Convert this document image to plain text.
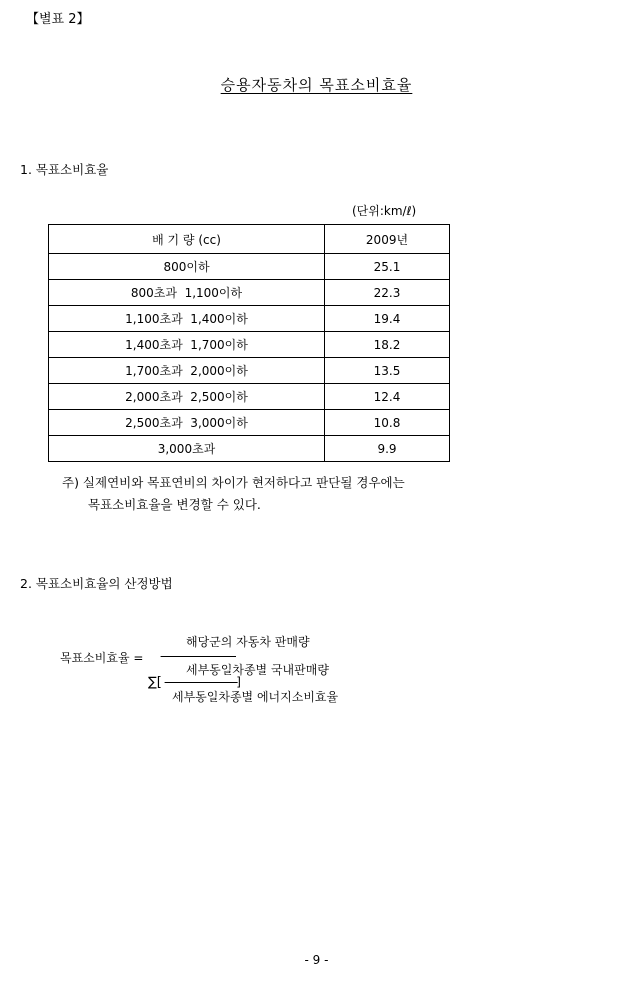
【별표 2】
승용자동차의 목표소비효율
1. 목표소비효율
(단위:km/ℓ)
배 기 량 (cc)	2009년
800이하	25.1
800초과  1,100이하	22.3
1,100초과  1,400이하	19.4
1,400초과  1,700이하	18.2
1,700초과  2,000이하	13.5
2,000초과  2,500이하	12.4
2,500초과  3,000이하	10.8
3,000초과	9.9
주) 실제연비와 목표연비의 차이가 현저하다고 판단될 경우에는
목표소비효율을 변경할 수 있다.
2. 목표소비효율의 산정방법
해당군의 자동차 판매량
목표소비효율 = --------------------------------
세부동일차종별 국내판매량
∑[ -------------------------------]
세부동일차종별 에너지소비효율
- 9 -
